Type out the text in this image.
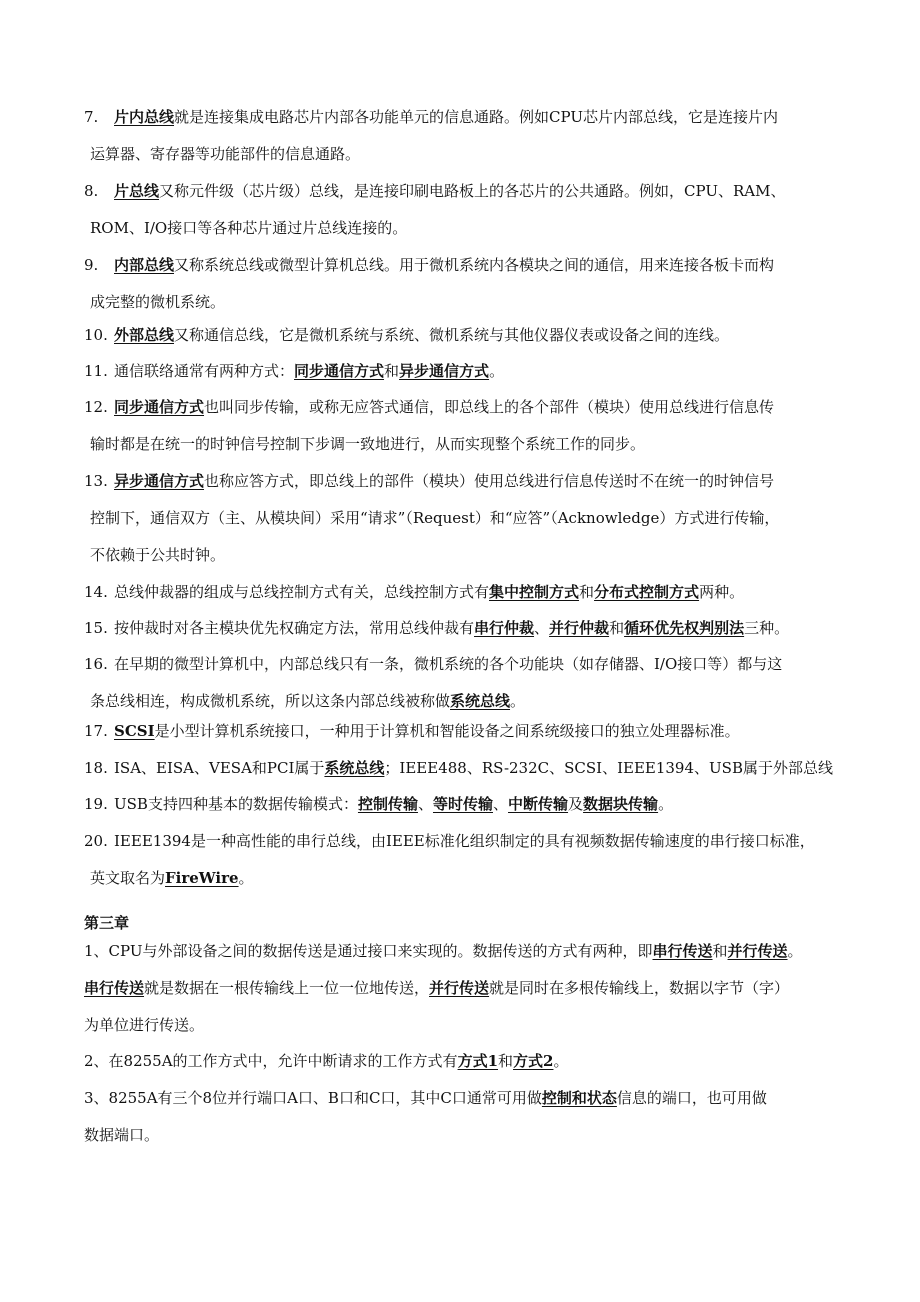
7. 片内总线就是连接集成电路芯片内部各功能单元的信息通路。例如CPU芯片内部总线，它是连接片内
运算器、寄存器等功能部件的信息通路。
8. 片总线又称元件级（芯片级）总线，是连接印刷电路板上的各芯片的公共通路。例如，CPU、RAM、
ROM、I/O接口等各种芯片通过片总线连接的。
9. 内部总线又称系统总线或微型计算机总线。用于微机系统内各模块之间的通信，用来连接各板卡而构
成完整的微机系统。
10. 外部总线又称通信总线，它是微机系统与系统、微机系统与其他仪器仪表或设备之间的连线。
11. 通信联络通常有两种方式：同步通信方式和异步通信方式。
12. 同步通信方式也叫同步传输，或称无应答式通信，即总线上的各个部件（模块）使用总线进行信息传
输时都是在统一的时钟信号控制下步调一致地进行，从而实现整个系统工作的同步。
13. 异步通信方式也称应答方式，即总线上的部件（模块）使用总线进行信息传送时不在统一的时钟信号
控制下，通信双方（主、从模块间）采用“请求”（Request）和“应答”（Acknowledge）方式进行传输，
不依赖于公共时钟。
14. 总线仲裁器的组成与总线控制方式有关，总线控制方式有集中控制方式和分布式控制方式两种。
15. 按仲裁时对各主模块优先权确定方法，常用总线仲裁有串行仲裁、并行仲裁和循环优先权判别法三种。
16. 在早期的微型计算机中，内部总线只有一条，微机系统的各个功能块（如存储器、I/O接口等）都与这
条总线相连，构成微机系统，所以这条内部总线被称做系统总线。
17. SCSI是小型计算机系统接口，一种用于计算机和智能设备之间系统级接口的独立处理器标准。
18. ISA、EISA、VESA和PCI属于系统总线；IEEE488、RS-232C、SCSI、IEEE1394、USB属于外部总线
19. USB支持四种基本的数据传输模式：控制传输、等时传输、中断传输及数据块传输。
20. IEEE1394是一种高性能的串行总线，由IEEE标准化组织制定的具有视频数据传输速度的串行接口标准，
英文取名为FireWire。
第三章
1、CPU与外部设备之间的数据传送是通过接口来实现的。数据传送的方式有两种，即串行传送和并行传送。
串行传送就是数据在一根传输线上一位一位地传送，并行传送就是同时在多根传输线上，数据以字节（字）
为单位进行传送。
2、在8255A的工作方式中，允许中断请求的工作方式有方式1和方式2。
3、8255A有三个8位并行端口A口、B口和C口，其中C口通常可用做控制和状态信息的端口，也可用做
数据端口。
